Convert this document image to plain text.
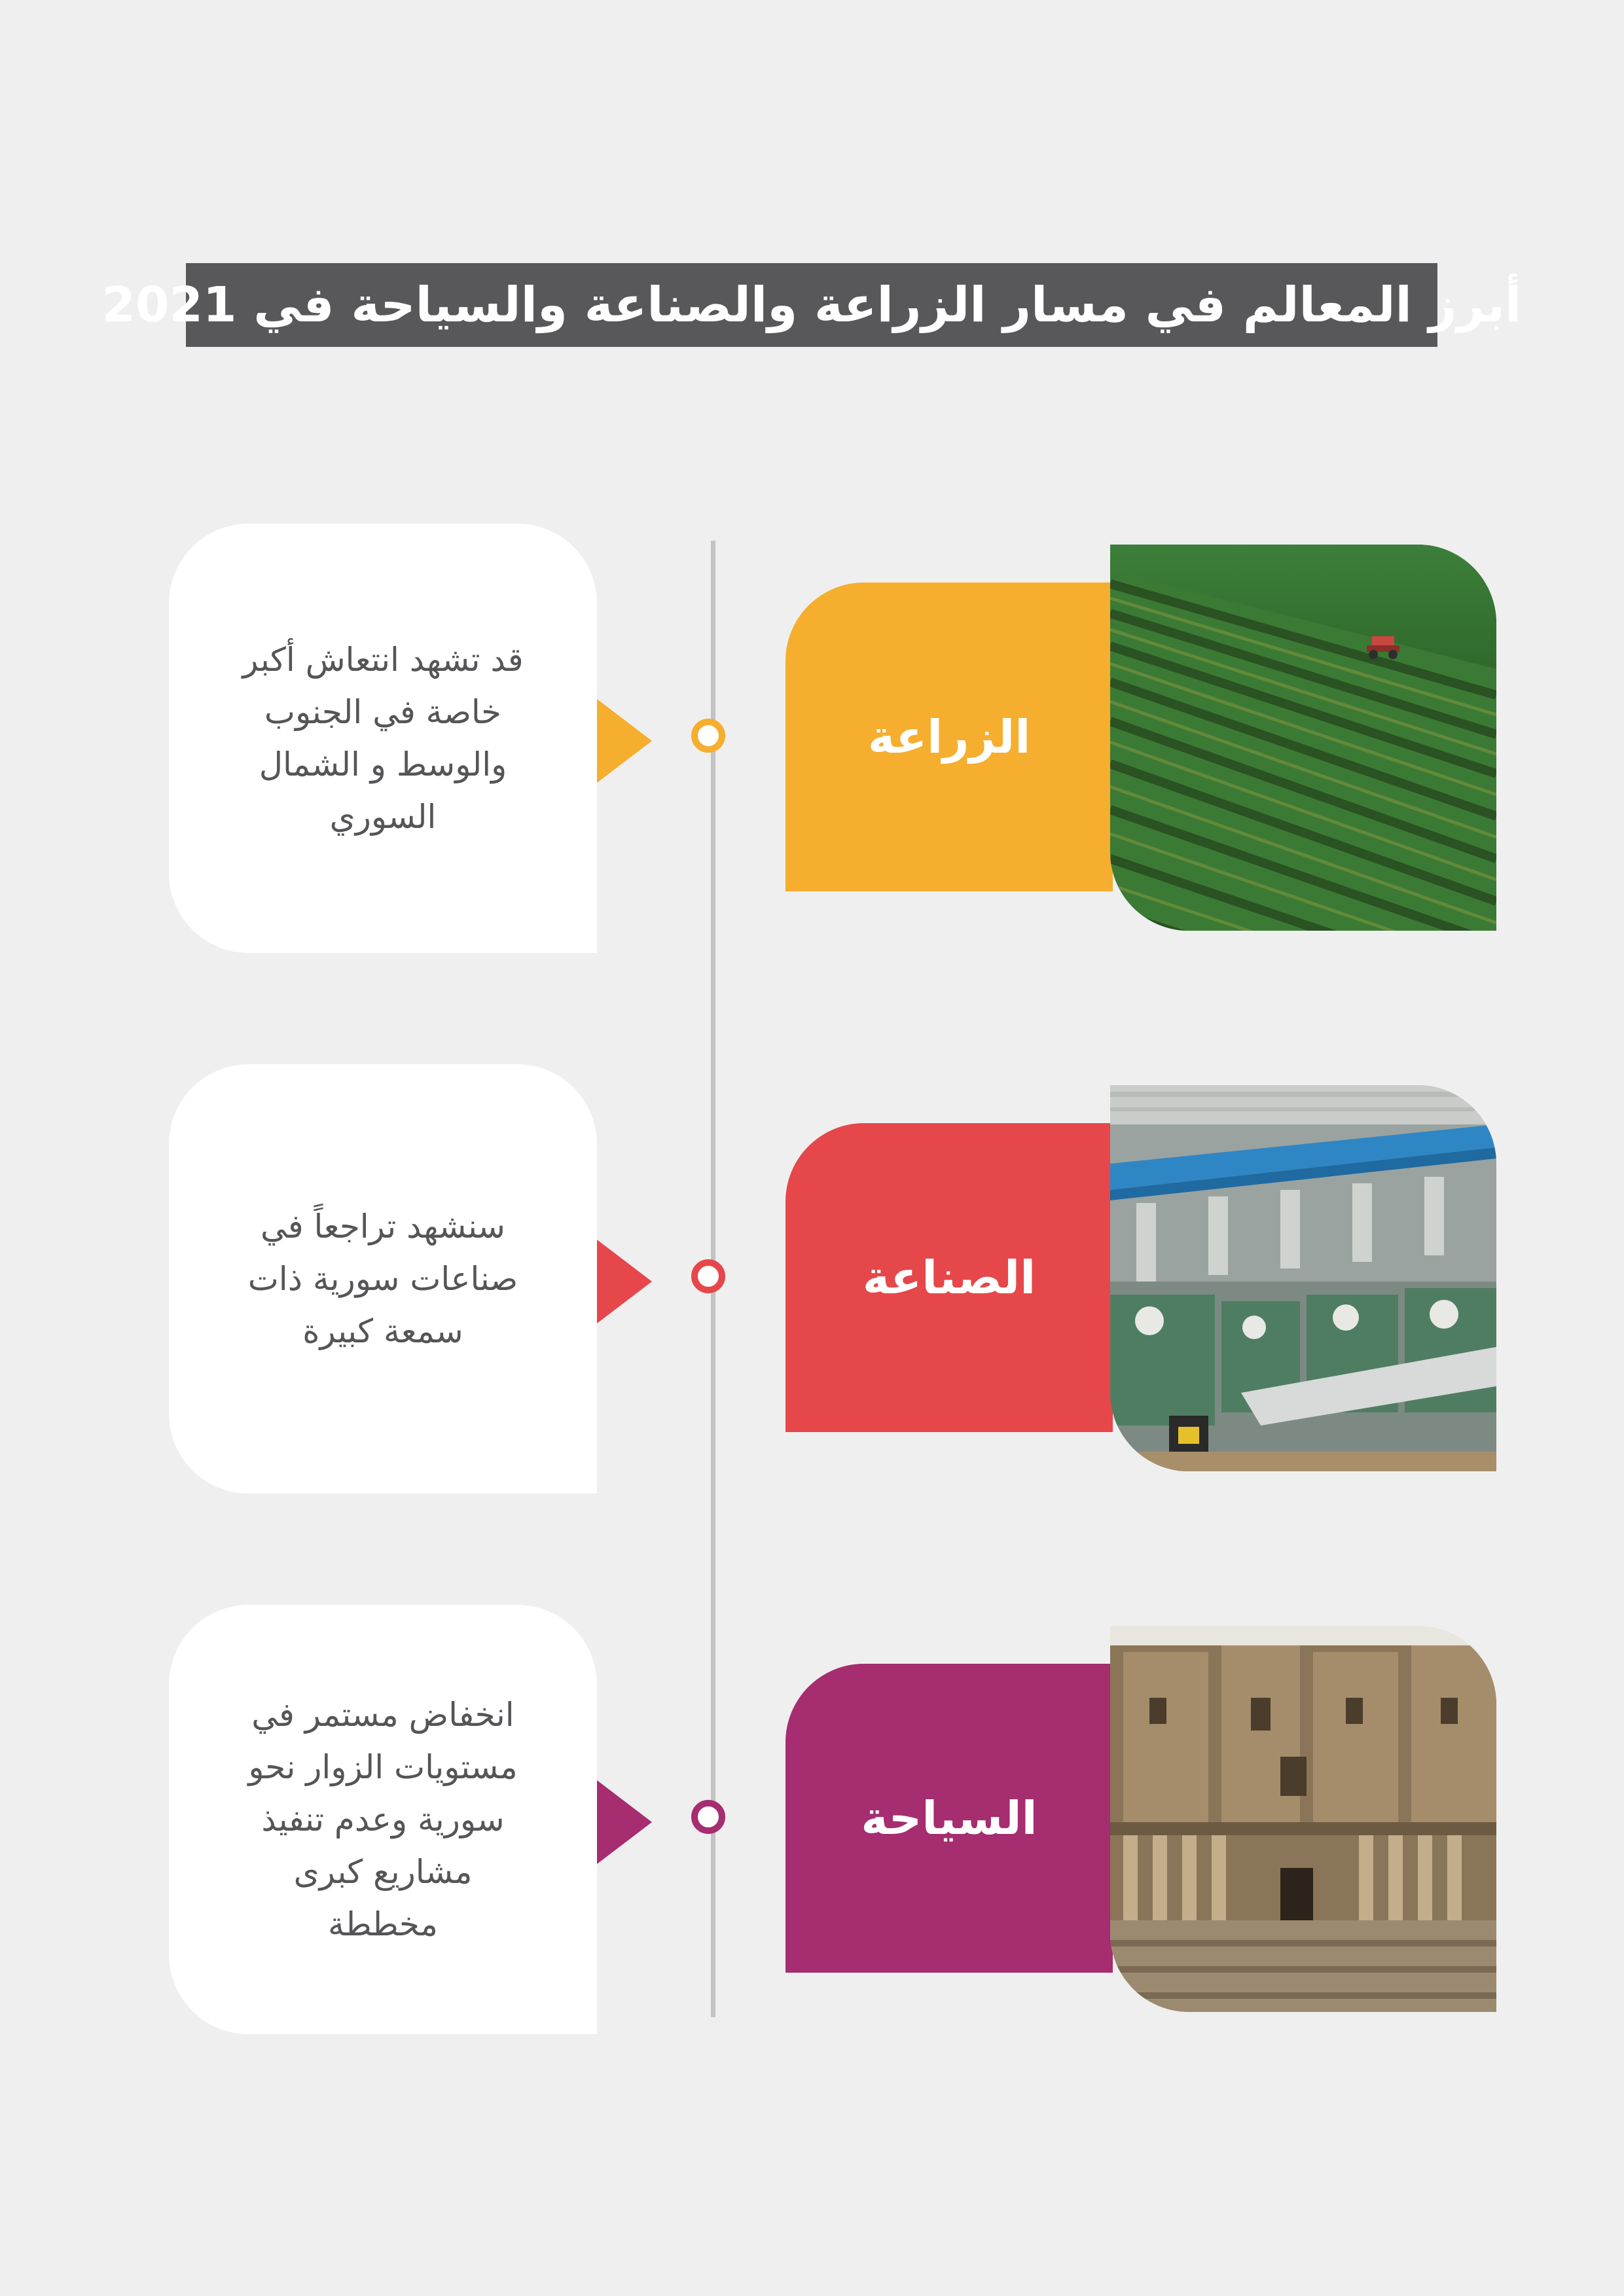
أبرز المعالم في مسار الزراعة والصناعة والسياحة في 2021

قد تشهد انتعاش أكبر
خاصة في الجنوب
والوسط و الشمال
السوري

الزراعة

سنشهد تراجعاً في
صناعات سورية ذات
سمعة كبيرة

الصناعة

انخفاض مستمر في
مستويات الزوار نحو
سورية وعدم تنفيذ
مشاريع كبرى
مخططة

السياحة
